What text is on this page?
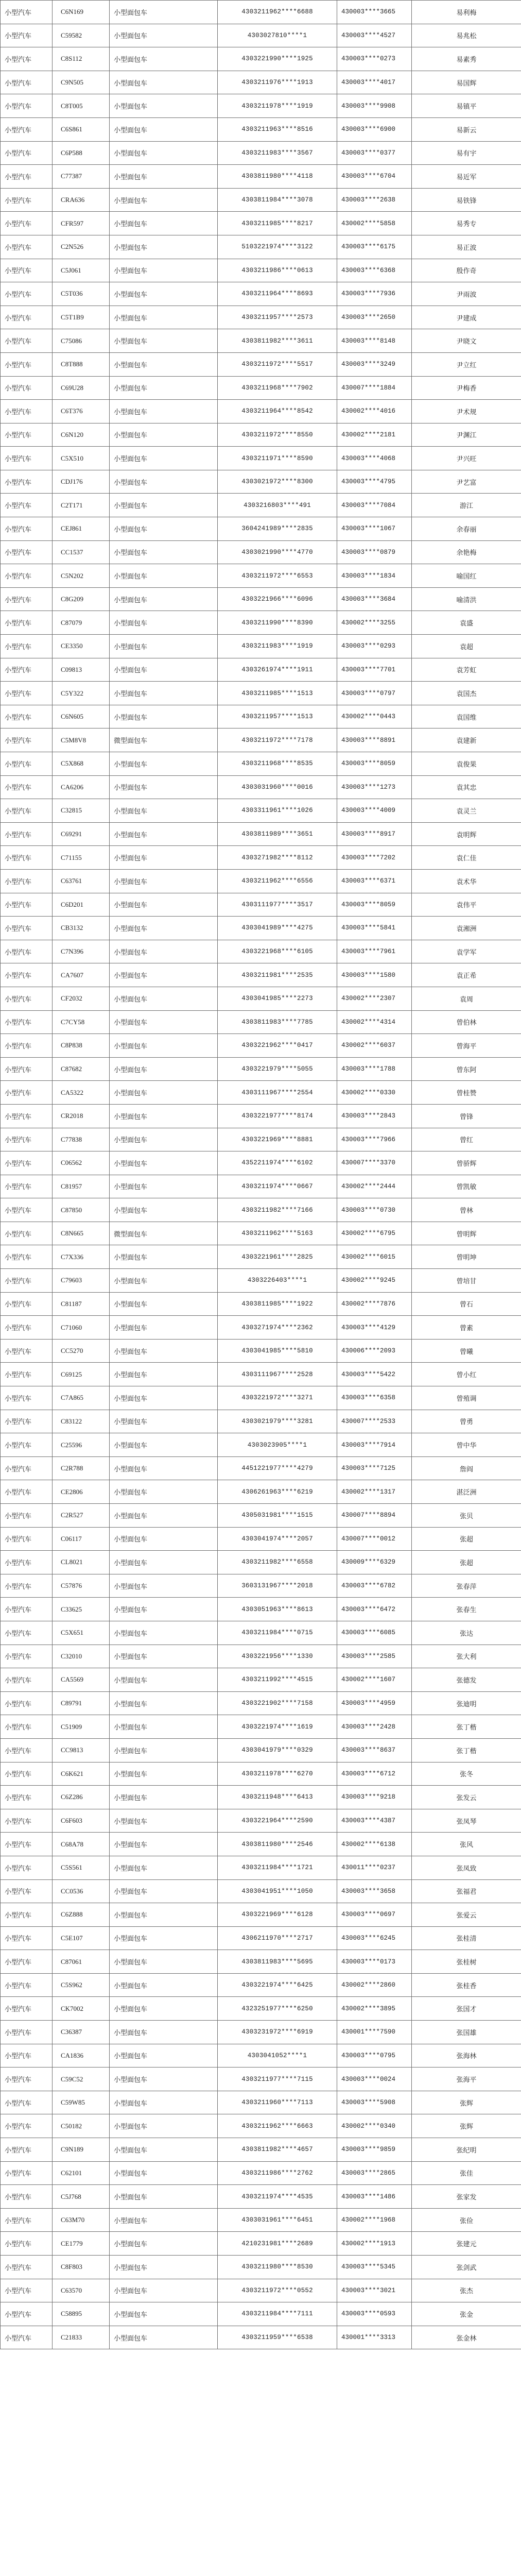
小型汽车	C6N169	小型面包车	430321196​2****6688	430003****3665	易利梅
小型汽车	C59582	小型面包车	4303027810****1	430003****4527	易兆松
小型汽车	C8S112	小型面包车	4303221990****1925	430003****0273	易素秀
小型汽车	C9N505	小型面包车	4303211976****1913	430003****4017	易国辉
小型汽车	C8T005	小型面包车	4303211978****1919	430003****9908	易镇平
小型汽车	C6S861	小型面包车	4303211963****8516	430003****6900	易新云
小型汽车	C6P588	小型面包车	4303211983****3567	430003****0377	易有宇
小型汽车	C77387	小型面包车	4303811980****4118	430003****6704	易近军
小型汽车	CRA636	小型面包车	4303811984****3078	430003****2638	易铁锋
小型汽车	CFR597	小型面包车	4303211985****8217	430002****5858	易秀专
小型汽车	C2N526	小型面包车	5103221974****3122	430003****6175	易正波
小型汽车	C5J061	小型面包车	4303211986****0613	430003****6368	殷作奇
小型汽车	C5T036	小型面包车	4303211964****8693	430003****7936	尹雨波
小型汽车	C5T1B9	小型面包车	4303211957****2573	430003****2650	尹建成
小型汽车	C75086	小型面包车	4303811982****3611	430003****8148	尹晓文
小型汽车	C8T888	小型面包车	4303211972****5517	430003****3249	尹立红
小型汽车	C69U28	小型面包车	4303211968****7902	430007****1884	尹梅香
小型汽车	C6T376	小型面包车	4303211964****8542	430002****4016	尹术规
小型汽车	C6N120	小型面包车	4303211972****8550	430002****2181	尹渊江
小型汽车	C5X510	小型面包车	4303211971****8590	430003****4068	尹兴旺
小型汽车	CDJ176	小型面包车	4303021972****8300	430003****4795	尹艺富
小型汽车	C2T171	小型面包车	4303216803****491	430003****7084	游江
小型汽车	CEJ861	小型面包车	3604241989****2835	430003****1067	余春丽
小型汽车	CC1537	小型面包车	4303021990****4770	430003****0879	余艳梅
小型汽车	C5N202	小型面包车	4303211972****6553	430003****1834	喻国红
小型汽车	C8G209	小型面包车	4303221966****6096	430003****3684	喻清洪
小型汽车	C87079	小型面包车	4303211990****8390	430002****3255	袁盛
小型汽车	CE3350	小型面包车	4303211983****1919	430003****0293	袁超
小型汽车	C09813	小型面包车	4303261974****1911	430003****7701	袁芳虹
小型汽车	C5Y322	小型面包车	4303211985****1513	430003****0797	袁国杰
小型汽车	C6N605	小型面包车	4303211957****1513	430002****0443	袁国维
小型汽车	C5M8V8	微型面包车	4303211972****7178	430003****8891	袁建新
小型汽车	C5X868	小型面包车	4303211968****8535	430003****8059	袁俊果
小型汽车	CA6206	小型面包车	4303031960****0016	430003****1273	袁其忠
小型汽车	C32815	小型面包车	4303311961****1026	430003****4009	袁灵兰
小型汽车	C69291	小型面包车	4303811989****3651	430003****8917	袁明辉
小型汽车	C71155	小型面包车	4303271982****8112	430003****7202	袁仁佳
小型汽车	C63761	小型面包车	4303211962****6556	430003****6371	袁术华
小型汽车	C6D201	小型面包车	4303111977****3517	430003****8059	袁伟平
小型汽车	CB3132	小型面包车	4303041989****4275	430003****5841	袁湘洲
小型汽车	C7N396	小型面包车	4303221968****6105	430003****7961	袁学军
小型汽车	CA7607	小型面包车	4303211981****2535	430003****1580	袁正希
小型汽车	CF2032	小型面包车	4303041985****2273	430002****2307	袁周
小型汽车	C7CY58	小型面包车	4303811983****7785	430002****4314	曾伯林
小型汽车	C8P838	小型面包车	4303221962****0417	430002****6037	曾海平
小型汽车	C87682	小型面包车	4303221979****5055	430003****1788	曾东阿
小型汽车	CA5322	小型面包车	4303111967****2554	430002****0330	曾桂赞
小型汽车	CR2018	小型面包车	4303221977****8174	430003****2843	曾锋
小型汽车	C77838	小型面包车	4303221969****8881	430003****7966	曾红
小型汽车	C06562	小型面包车	4352211974****6102	430007****3370	曾骄辉
小型汽车	C81957	小型面包车	4303211974****0667	430002****2444	曾凯敏
小型汽车	C87850	小型面包车	4303211982****7166	430003****0730	曾林
小型汽车	C8N665	微型面包车	4303211962****5163	430002****6795	曾明辉
小型汽车	C7X336	小型面包车	4303221961****2825	430002****6015	曾明坤
小型汽车	C79603	小型面包车	4303226403****1	430002****9245	曾培甘
小型汽车	C81187	小型面包车	4303811985****1922	430002****7876	曾石
小型汽车	C71060	小型面包车	4303271974****2362	430003****4129	曾素
小型汽车	CC5270	小型面包车	4303041985****5810	430006****2093	曾曦
小型汽车	C69125	小型面包车	4303111967****2528	430003****5422	曾小红
小型汽车	C7A865	小型面包车	4303221972****3271	430003****6358	曾殖调
小型汽车	C83122	小型面包车	4303021979****3281	430007****2533	曾勇
小型汽车	C25596	小型面包车	4303023905****1	430003****7914	曾中华
小型汽车	C2R788	小型面包车	4451221977****4279	430003****7125	詹阎
小型汽车	CE2806	小型面包车	4306261963****6219	430002****1317	湛泛洲
小型汽车	C2R527	小型面包车	4305031981****1515	430007****8894	张贝
小型汽车	C06117	小型面包车	4303041974****2057	430007****0012	张超
小型汽车	CL8021	小型面包车	4303211982****6558	430009****6329	张超
小型汽车	C57876	小型面包车	3603131967****2018	430003****6782	张春萍
小型汽车	C33625	小型面包车	4303051963****8613	430003****6472	张春生
小型汽车	C5X651	小型面包车	4303211984****0715	430003****6085	张达
小型汽车	C32010	小型面包车	4303221956****1330	430003****2585	张大利
小型汽车	CA5569	小型面包车	4303211992****4515	430002****1607	张德发
小型汽车	C89791	小型面包车	4303221902****7158	430003****4959	张迪明
小型汽车	C51909	小型面包车	4303221974****1619	430003****2428	张丁楷
小型汽车	CC9813	小型面包车	4303041979****0329	430003****8637	张丁楷
小型汽车	C6K621	小型面包车	4303211978****6270	430003****6712	张冬
小型汽车	C6Z286	小型面包车	4303211948****6413	430003****9218	张发云
小型汽车	C6F603	小型面包车	4303221964****2590	430003****4387	张凤琴
小型汽车	C68A78	小型面包车	4303811980****2546	430002****6138	张风
小型汽车	C5S561	小型面包车	4303211984****1721	430011****0237	张凤致
小型汽车	CC0536	小型面包车	4303041951****1050	430003****3658	张福君
小型汽车	C6Z888	小型面包车	4303221969****6128	430003****0697	张爱云
小型汽车	C5E107	小型面包车	4306211970****2717	430003****6245	张桂清
小型汽车	C87061	小型面包车	4303811983****5695	430003****0173	张桂树
小型汽车	C5S962	小型面包车	4303221974****6425	430002****2860	张桂香
小型汽车	CK7002	小型面包车	4323251977****6250	430002****3895	张国才
小型汽车	C36387	小型面包车	4303231972****6919	430001****7590	张国雄
小型汽车	CA1836	小型面包车	4303041052****1	430003****0795	张海林
小型汽车	C59C52	小型面包车	4303211977****7115	430003****0024	张海平
小型汽车	C59W85	小型面包车	4303211960****7113	430003****5908	张辉
小型汽车	C50182	小型面包车	4303211962****6663	430002****0340	张辉
小型汽车	C9N189	小型面包车	4303811982****4657	430003****9859	张纪明
小型汽车	C62101	小型面包车	4303211986****2762	430003****2865	张佳
小型汽车	C5J768	小型面包车	4303211974****4535	430003****1486	张家发
小型汽车	C63M70	小型面包车	4303031961****6451	430002****1968	张俭
小型汽车	CE1779	小型面包车	4210231981****2689	430002****1913	张建元
小型汽车	C8F803	小型面包车	4303211980****8530	430003****5345	张剑武
小型汽车	C63570	小型面包车	4303211972****0552	430003****3021	张杰
小型汽车	C58895	小型面包车	4303211984****7111	430003****0593	张金
小型汽车	C21833	小型面包车	4303211959****6538	430001****3313	张金林
